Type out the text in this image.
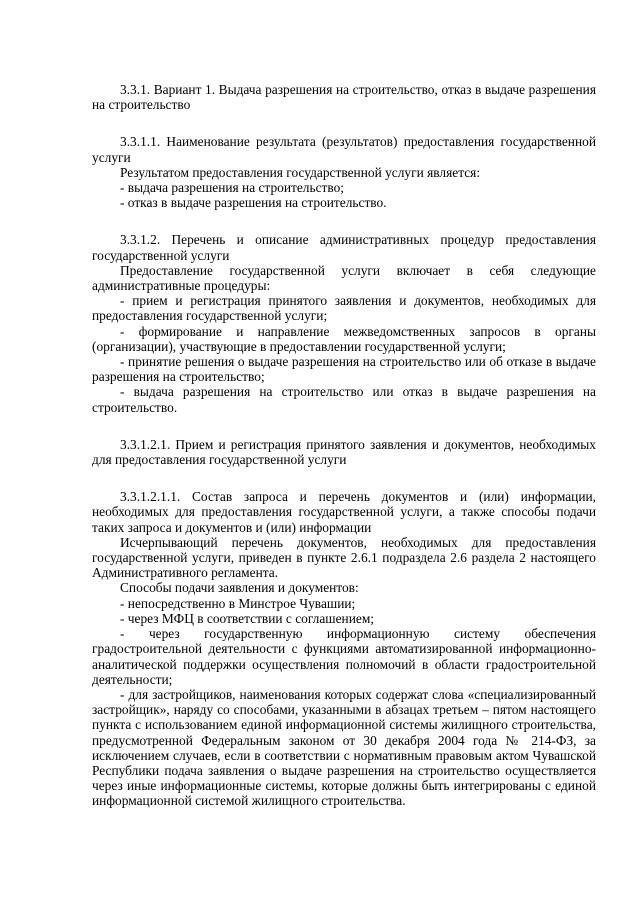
3.3.1. Вариант 1. Выдача разрешения на строительство, отказ в выдаче разрешения на строительство

3.3.1.1. Наименование результата (результатов) предоставления государственной услуги

Результатом предоставления государственной услуги является:

- выдача разрешения на строительство;

- отказ в выдаче разрешения на строительство.

3.3.1.2. Перечень и описание административных процедур предоставления государственной услуги

Предоставление государственной услуги включает в себя следующие административные процедуры:

- прием и регистрация принятого заявления и документов, необходимых для предоставления государственной услуги;

- формирование и направление межведомственных запросов в органы (организации), участвующие в предоставлении государственной услуги;

- принятие решения о выдаче разрешения на строительство или об отказе в выдаче разрешения на строительство;

- выдача разрешения на строительство или отказ в выдаче разрешения на строительство.

3.3.1.2.1. Прием и регистрация принятого заявления и документов, необходимых для предоставления государственной услуги

3.3.1.2.1.1. Состав запроса и перечень документов и (или) информации, необходимых для предоставления государственной услуги, а также способы подачи таких запроса и документов и (или) информации

Исчерпывающий перечень документов, необходимых для предоставления государственной услуги, приведен в пункте 2.6.1 подраздела 2.6 раздела 2 настоящего Административного регламента.

Способы подачи заявления и документов:

- непосредственно в Минстрое Чувашии;

- через МФЦ в соответствии с соглашением;

- через государственную информационную систему обеспечения градостроительной деятельности с функциями автоматизированной информационно-аналитической поддержки осуществления полномочий в области градостроительной деятельности;

- для застройщиков, наименования которых содержат слова «специализированный застройщик», наряду со способами, указанными в абзацах третьем – пятом настоящего пункта с использованием единой информационной системы жилищного строительства, предусмотренной Федеральным законом от 30 декабря 2004 года № 214-ФЗ, за исключением случаев, если в соответствии с нормативным правовым актом Чувашской Республики подача заявления о выдаче разрешения на строительство осуществляется через иные информационные системы, которые должны быть интегрированы с единой информационной системой жилищного строительства.
